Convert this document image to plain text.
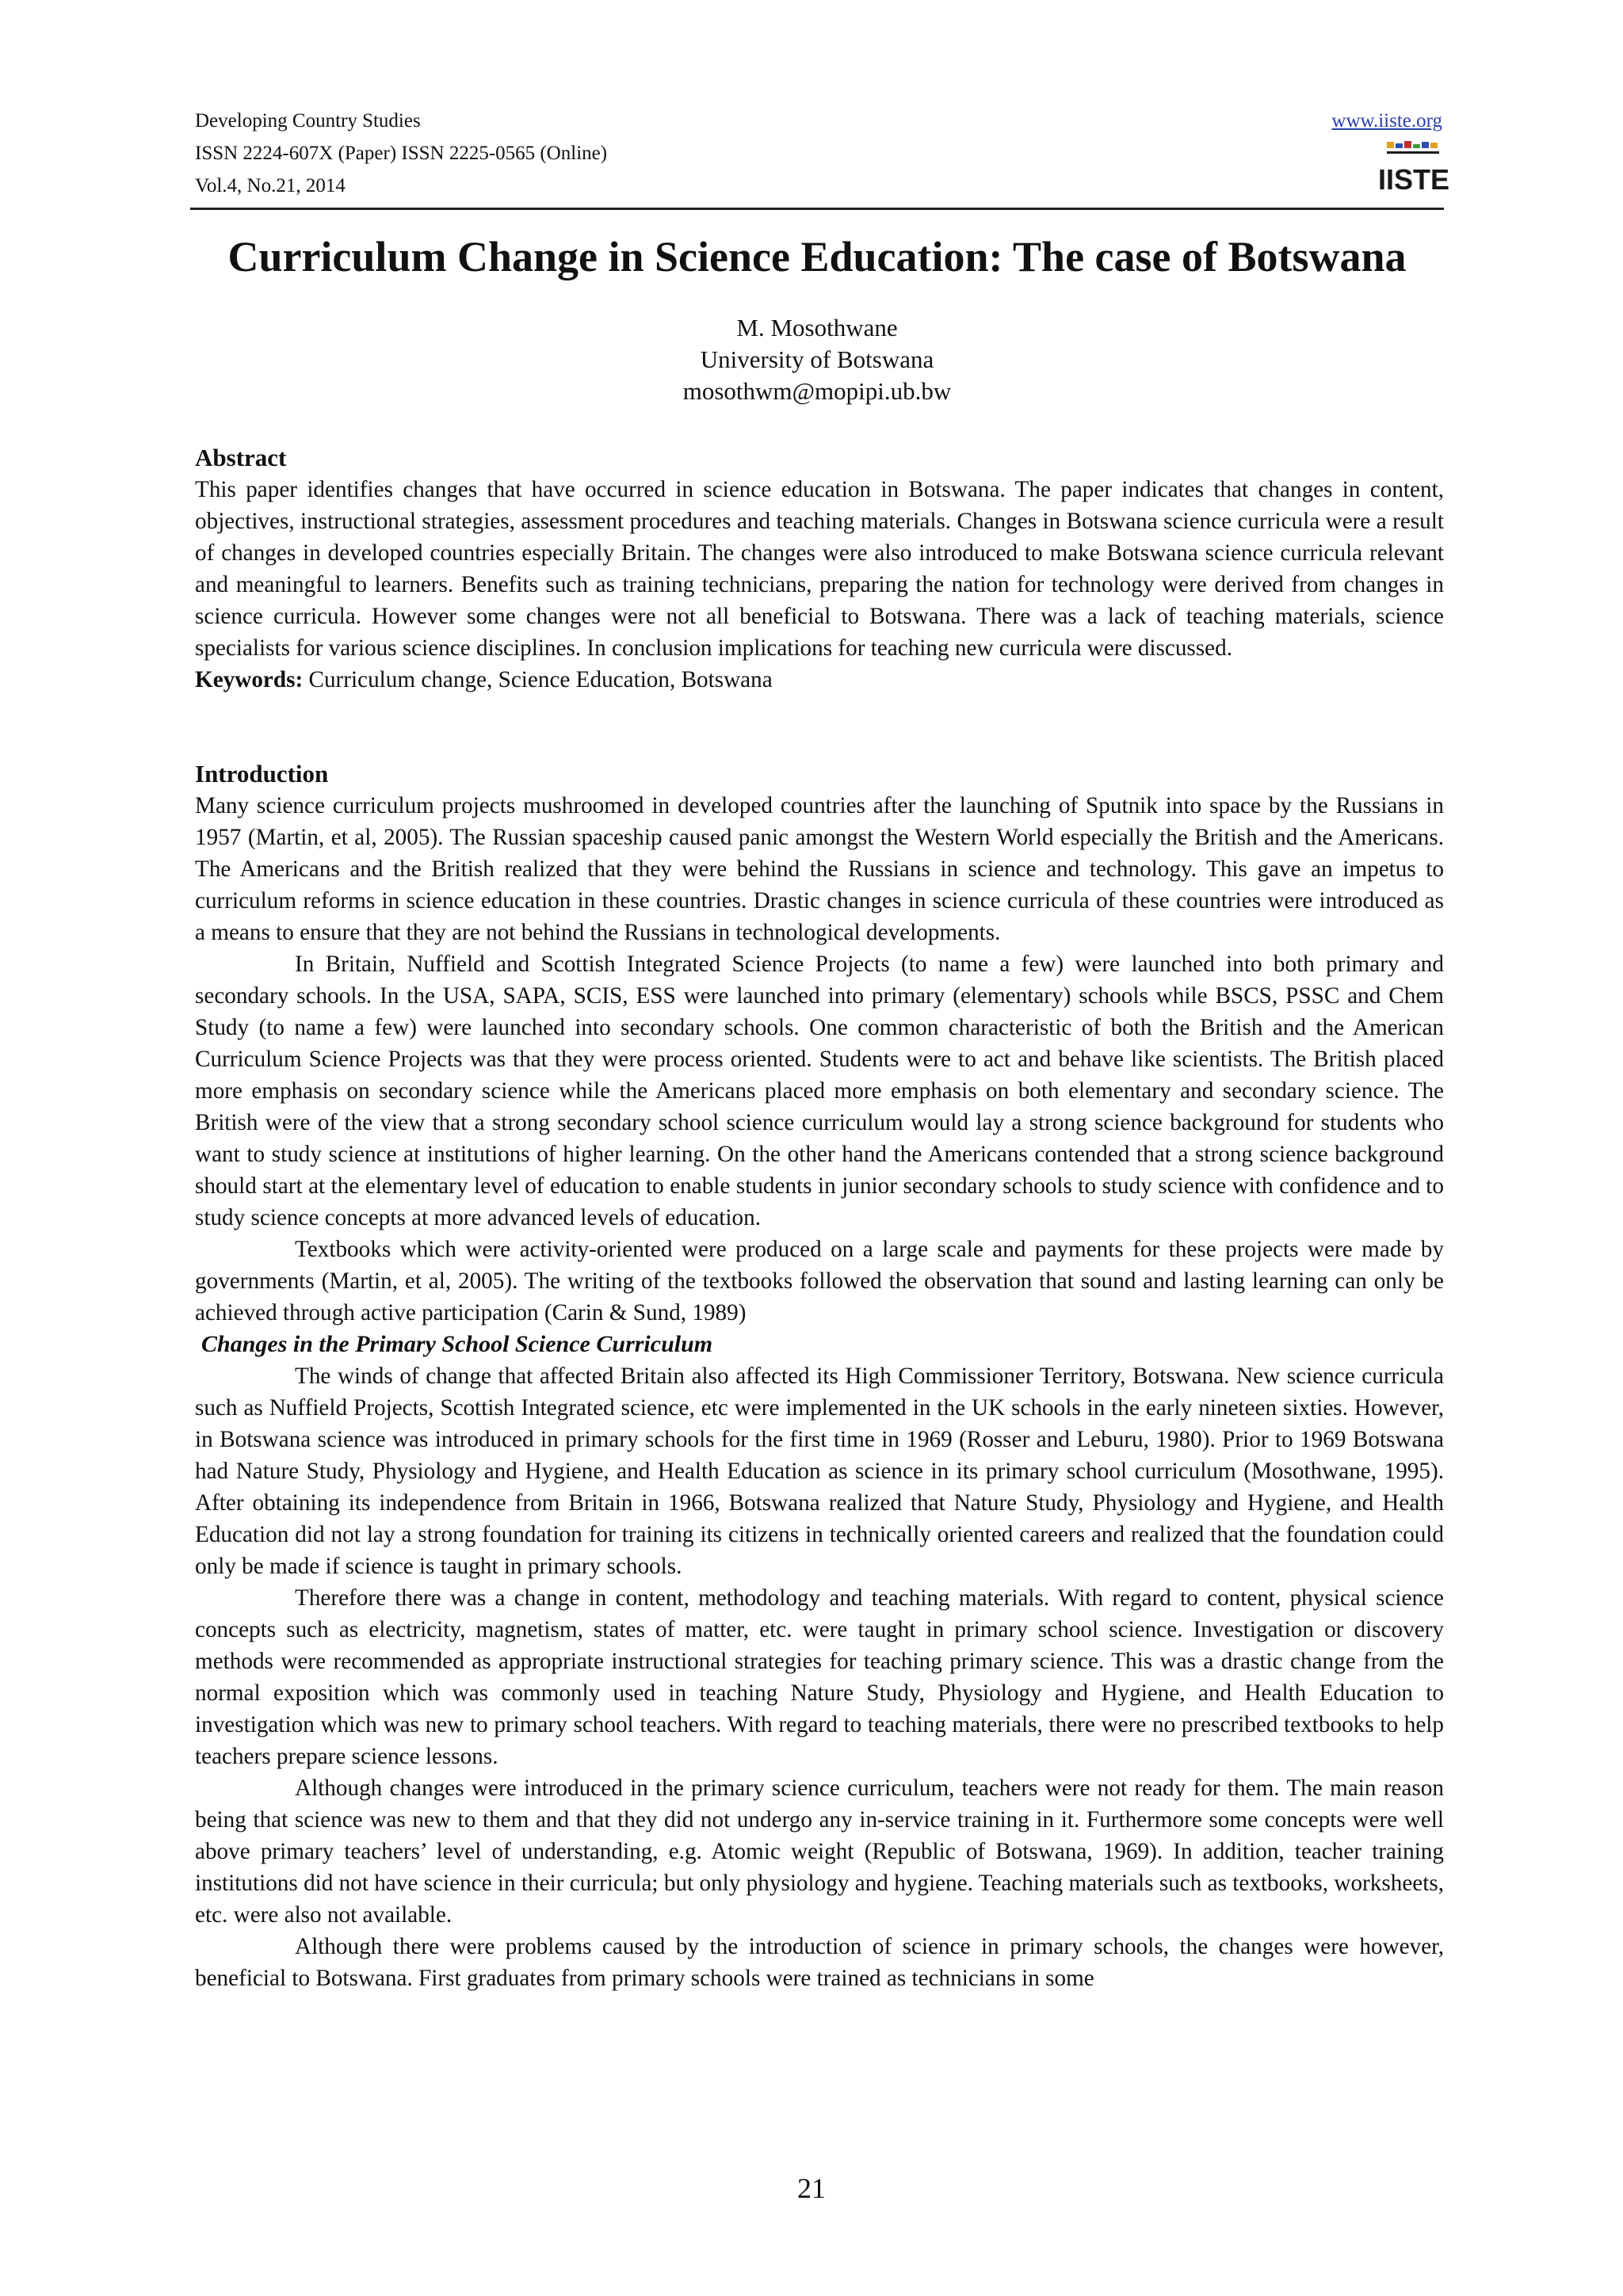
Developing Country Studies
ISSN 2224-607X (Paper) ISSN 2225-0565 (Online)
Vol.4, No.21, 2014
www.iiste.org
IISTE
Curriculum Change in Science Education: The case of Botswana
M. Mosothwane
University of Botswana
mosothwm@mopipi.ub.bw
Abstract

This paper identifies changes that have occurred in science education in Botswana. The paper indicates that changes in content, objectives, instructional strategies, assessment procedures and teaching materials. Changes in Botswana science curricula were a result of changes in developed countries especially Britain. The changes were also introduced to make Botswana science curricula relevant and meaningful to learners. Benefits such as training technicians, preparing the nation for technology were derived from changes in science curricula. However some changes were not all beneficial to Botswana. There was a lack of teaching materials, science specialists for various science disciplines. In conclusion implications for teaching new curricula were discussed.

Keywords: Curriculum change, Science Education, Botswana

Introduction

Many science curriculum projects mushroomed in developed countries after the launching of Sputnik into space by the Russians in 1957 (Martin, et al, 2005). The Russian spaceship caused panic amongst the Western World especially the British and the Americans. The Americans and the British realized that they were behind the Russians in science and technology. This gave an impetus to curriculum reforms in science education in these countries. Drastic changes in science curricula of these countries were introduced as a means to ensure that they are not behind the Russians in technological developments.

In Britain, Nuffield and Scottish Integrated Science Projects (to name a few) were launched into both primary and secondary schools. In the USA, SAPA, SCIS, ESS were launched into primary (elementary) schools while BSCS, PSSC and Chem Study (to name a few) were launched into secondary schools. One common characteristic of both the British and the American Curriculum Science Projects was that they were process oriented. Students were to act and behave like scientists. The British placed more emphasis on secondary science while the Americans placed more emphasis on both elementary and secondary science. The British were of the view that a strong secondary school science curriculum would lay a strong science background for students who want to study science at institutions of higher learning. On the other hand the Americans contended that a strong science background should start at the elementary level of education to enable students in junior secondary schools to study science with confidence and to study science concepts at more advanced levels of education.

Textbooks which were activity-oriented were produced on a large scale and payments for these projects were made by governments (Martin, et al, 2005). The writing of the textbooks followed the observation that sound and lasting learning can only be achieved through active participation (Carin & Sund, 1989)

Changes in the Primary School Science Curriculum

The winds of change that affected Britain also affected its High Commissioner Territory, Botswana. New science curricula such as Nuffield Projects, Scottish Integrated science, etc were implemented in the UK schools in the early nineteen sixties. However, in Botswana science was introduced in primary schools for the first time in 1969 (Rosser and Leburu, 1980). Prior to 1969 Botswana had Nature Study, Physiology and Hygiene, and Health Education as science in its primary school curriculum (Mosothwane, 1995). After obtaining its independence from Britain in 1966, Botswana realized that Nature Study, Physiology and Hygiene, and Health Education did not lay a strong foundation for training its citizens in technically oriented careers and realized that the foundation could only be made if science is taught in primary schools.

Therefore there was a change in content, methodology and teaching materials. With regard to content, physical science concepts such as electricity, magnetism, states of matter, etc. were taught in primary school science. Investigation or discovery methods were recommended as appropriate instructional strategies for teaching primary science. This was a drastic change from the normal exposition which was commonly used in teaching Nature Study, Physiology and Hygiene, and Health Education to investigation which was new to primary school teachers. With regard to teaching materials, there were no prescribed textbooks to help teachers prepare science lessons.

Although changes were introduced in the primary science curriculum, teachers were not ready for them. The main reason being that science was new to them and that they did not undergo any in-service training in it. Furthermore some concepts were well above primary teachers’ level of understanding, e.g. Atomic weight (Republic of Botswana, 1969). In addition, teacher training institutions did not have science in their curricula; but only physiology and hygiene. Teaching materials such as textbooks, worksheets, etc. were also not available.

Although there were problems caused by the introduction of science in primary schools, the changes were however, beneficial to Botswana. First graduates from primary schools were trained as technicians in some

21
